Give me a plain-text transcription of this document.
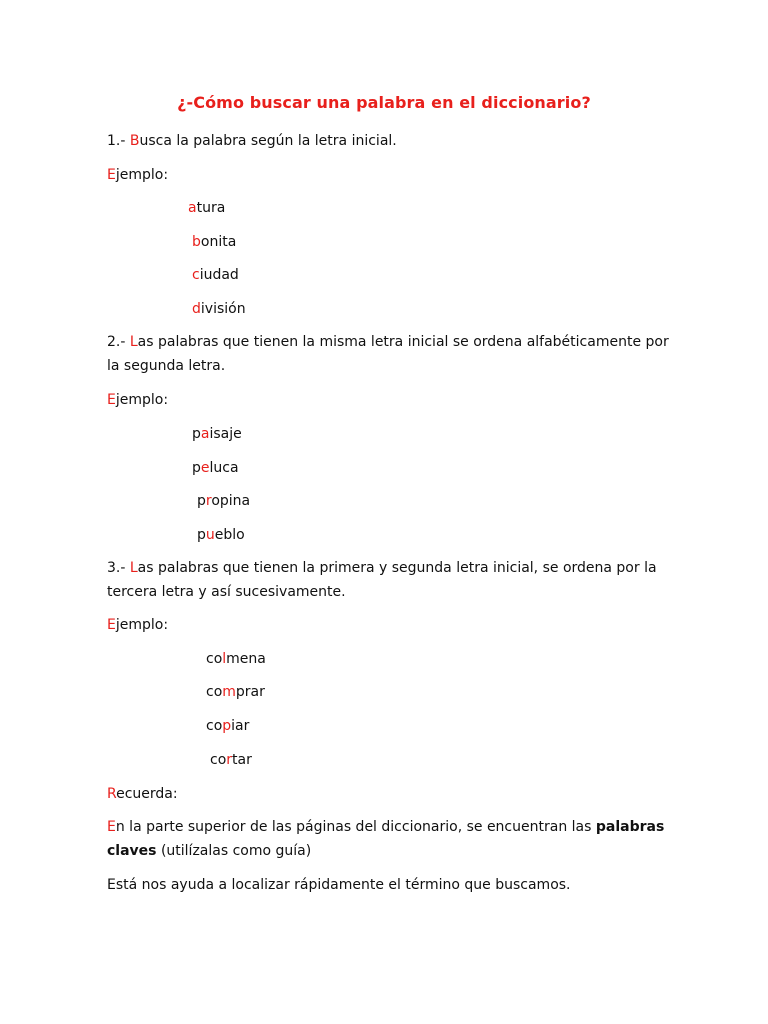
¿-Cómo buscar una palabra en el diccionario?
1.- Busca la palabra según la letra inicial.
Ejemplo:
atura
bonita
ciudad
división
2.- Las palabras que tienen la misma letra inicial se ordena alfabéticamente por
la segunda letra.
Ejemplo:
paisaje
peluca
propina
pueblo
3.- Las palabras que tienen la primera y segunda letra inicial, se ordena por la
tercera letra y así sucesivamente.
Ejemplo:
colmena
comprar
copiar
cortar
Recuerda:
En la parte superior de las páginas del diccionario, se encuentran las palabras
claves (utilízalas como guía)
Está nos ayuda a localizar rápidamente el término que buscamos.
